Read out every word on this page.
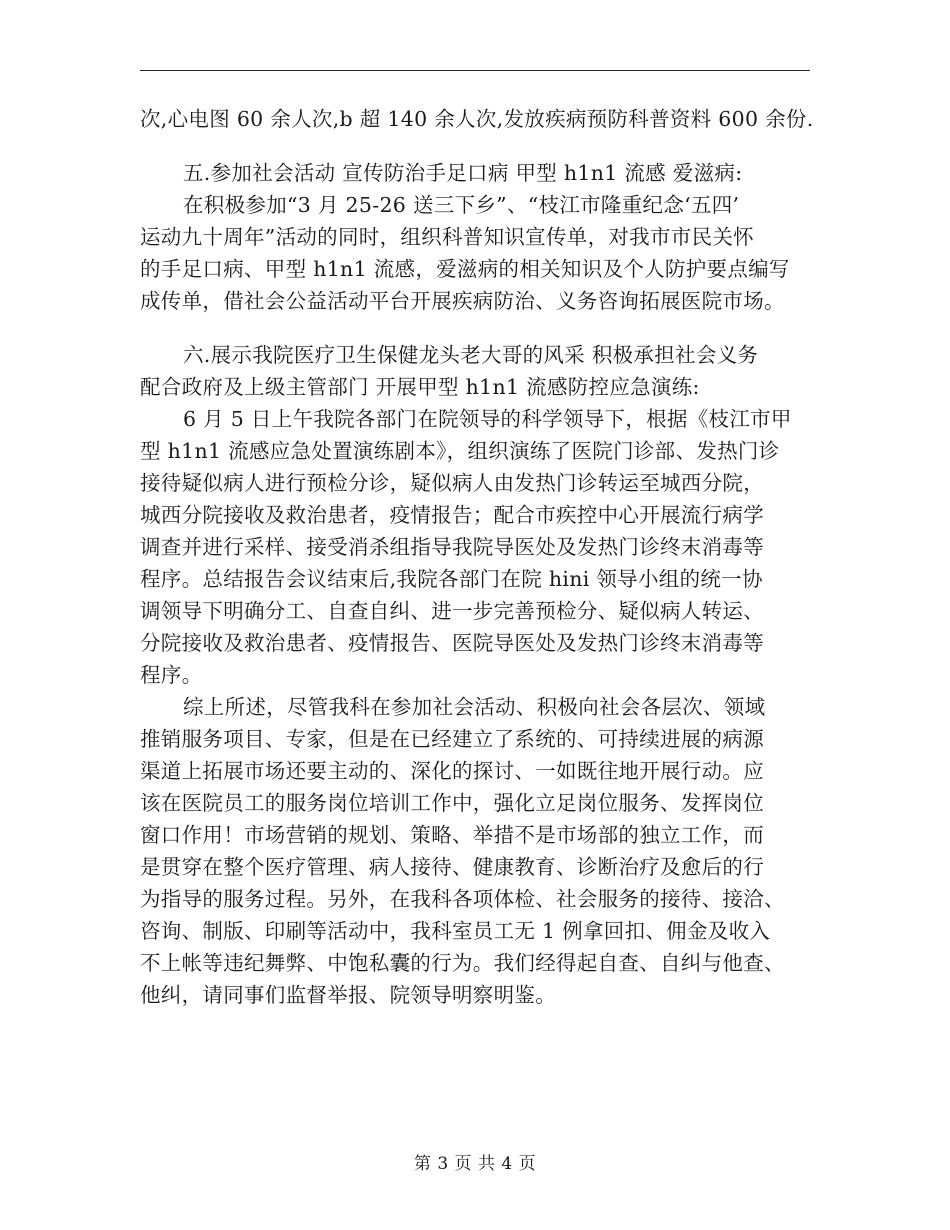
次,心电图 60 余人次,b 超 140 余人次,发放疾病预防科普资料 600 余份.
五.参加社会活动 宣传防治手足口病 甲型 h1n1 流感 爱滋病:
在积极参加“3 月 25-26 送三下乡”、“枝江市隆重纪念‘五四’
运动九十周年”活动的同时，组织科普知识宣传单，对我市市民关怀
的手足口病、甲型 h1n1 流感，爱滋病的相关知识及个人防护要点编写
成传单，借社会公益活动平台开展疾病防治、义务咨询拓展医院市场。
六.展示我院医疗卫生保健龙头老大哥的风采 积极承担社会义务
配合政府及上级主管部门 开展甲型 h1n1 流感防控应急演练:
6 月 5 日上午我院各部门在院领导的科学领导下，根据《枝江市甲
型 h1n1 流感应急处置演练剧本》，组织演练了医院门诊部、发热门诊
接待疑似病人进行预检分诊，疑似病人由发热门诊转运至城西分院，
城西分院接收及救治患者，疫情报告；配合市疾控中心开展流行病学
调查并进行采样、接受消杀组指导我院导医处及发热门诊终末消毒等
程序。总结报告会议结束后,我院各部门在院 hini 领导小组的统一协
调领导下明确分工、自查自纠、进一步完善预检分、疑似病人转运、
分院接收及救治患者、疫情报告、医院导医处及发热门诊终末消毒等
程序。
综上所述，尽管我科在参加社会活动、积极向社会各层次、领域
推销服务项目、专家，但是在已经建立了系统的、可持续进展的病源
渠道上拓展市场还要主动的、深化的探讨、一如既往地开展行动。应
该在医院员工的服务岗位培训工作中，强化立足岗位服务、发挥岗位
窗口作用！市场营销的规划、策略、举措不是市场部的独立工作，而
是贯穿在整个医疗管理、病人接待、健康教育、诊断治疗及愈后的行
为指导的服务过程。另外，在我科各项体检、社会服务的接待、接洽、
咨询、制版、印刷等活动中，我科室员工无 1 例拿回扣、佣金及收入
不上帐等违纪舞弊、中饱私囊的行为。我们经得起自查、自纠与他查、
他纠，请同事们监督举报、院领导明察明鉴。
第 3 页 共 4 页
